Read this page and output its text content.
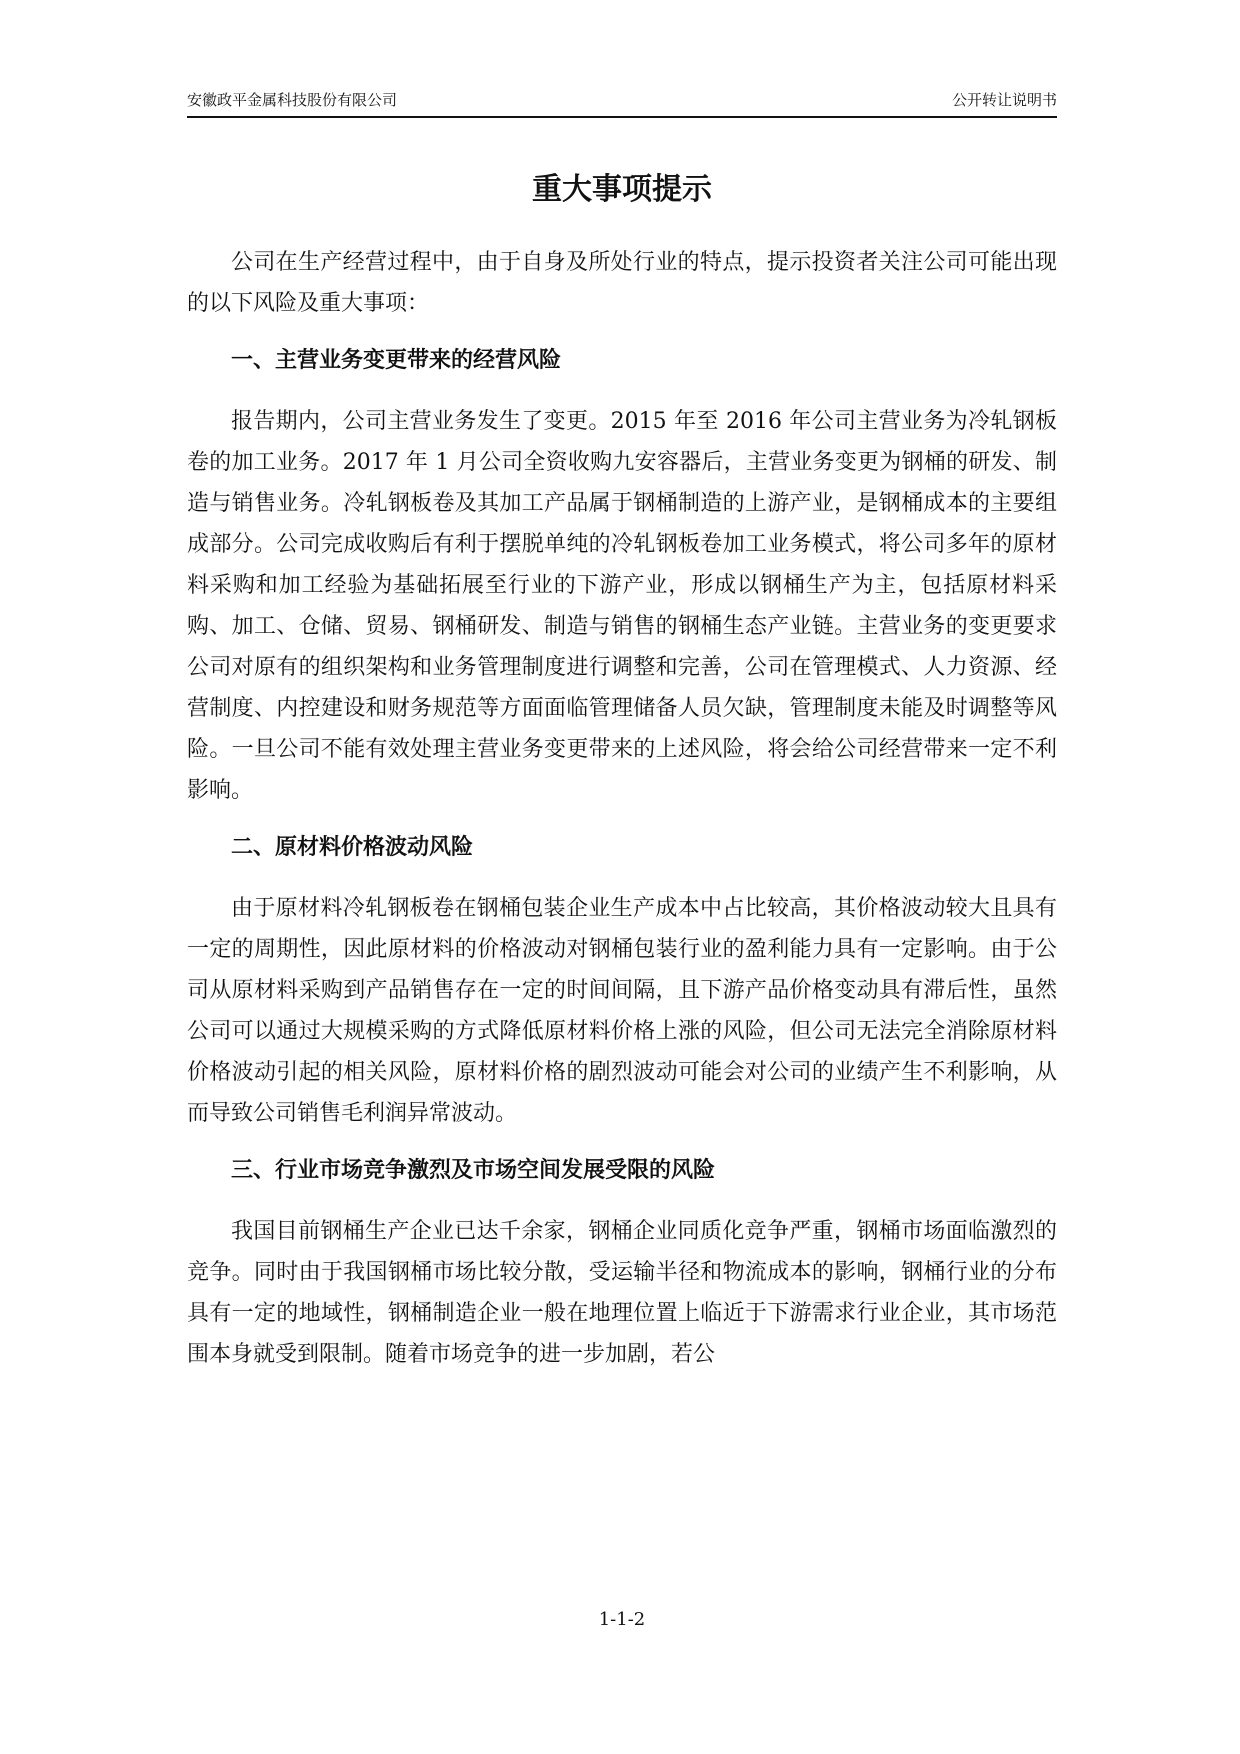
安徽政平金属科技股份有限公司	公开转让说明书
重大事项提示

公司在生产经营过程中，由于自身及所处行业的特点，提示投资者关注公司可能出现的以下风险及重大事项：

一、主营业务变更带来的经营风险

报告期内，公司主营业务发生了变更。2015 年至 2016 年公司主营业务为冷轧钢板卷的加工业务。2017 年 1 月公司全资收购九安容器后，主营业务变更为钢桶的研发、制造与销售业务。冷轧钢板卷及其加工产品属于钢桶制造的上游产业，是钢桶成本的主要组成部分。公司完成收购后有利于摆脱单纯的冷轧钢板卷加工业务模式，将公司多年的原材料采购和加工经验为基础拓展至行业的下游产业，形成以钢桶生产为主，包括原材料采购、加工、仓储、贸易、钢桶研发、制造与销售的钢桶生态产业链。主营业务的变更要求公司对原有的组织架构和业务管理制度进行调整和完善，公司在管理模式、人力资源、经营制度、内控建设和财务规范等方面面临管理储备人员欠缺，管理制度未能及时调整等风险。一旦公司不能有效处理主营业务变更带来的上述风险，将会给公司经营带来一定不利影响。

二、原材料价格波动风险

由于原材料冷轧钢板卷在钢桶包装企业生产成本中占比较高，其价格波动较大且具有一定的周期性，因此原材料的价格波动对钢桶包装行业的盈利能力具有一定影响。由于公司从原材料采购到产品销售存在一定的时间间隔，且下游产品价格变动具有滞后性，虽然公司可以通过大规模采购的方式降低原材料价格上涨的风险，但公司无法完全消除原材料价格波动引起的相关风险，原材料价格的剧烈波动可能会对公司的业绩产生不利影响，从而导致公司销售毛利润异常波动。

三、行业市场竞争激烈及市场空间发展受限的风险

我国目前钢桶生产企业已达千余家，钢桶企业同质化竞争严重，钢桶市场面临激烈的竞争。同时由于我国钢桶市场比较分散，受运输半径和物流成本的影响，钢桶行业的分布具有一定的地域性，钢桶制造企业一般在地理位置上临近于下游需求行业企业，其市场范围本身就受到限制。随着市场竞争的进一步加剧，若公

1-1-2
